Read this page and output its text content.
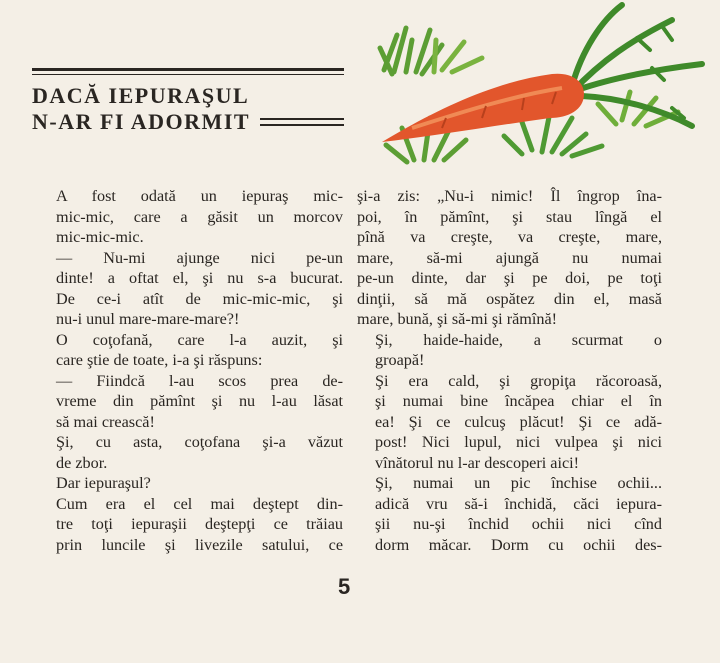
DACĂ IEPURAŞUL
N-AR FI ADORMIT

A fost odată un iepuraş mic-
mic-mic, care a găsit un morcov
mic-mic-mic.

— Nu-mi ajunge nici pe-un
dinte! a oftat el, şi nu s-a bucurat.
De ce-i atît de mic-mic-mic, şi
nu-i unul mare-mare-mare?!

O coţofană, care l-a auzit, şi
care ştie de toate, i-a şi răspuns:

— Fiindcă l-au scos prea de-
vreme din pămînt şi nu l-au lăsat
să mai crească!

Şi, cu asta, coţofana şi-a văzut
de zbor.

Dar iepuraşul?

Cum era el cel mai deştept din-
tre toţi iepuraşii deştepţi ce trăiau
prin luncile şi livezile satului, ce

şi-a zis: „Nu-i nimic! Îl îngrop îna-
poi, în pămînt, şi stau lîngă el
pînă va creşte, va creşte, mare,
mare, să-mi ajungă nu numai
pe-un dinte, dar şi pe doi, pe toţi
dinţii, să mă ospătez din el, masă
mare, bună, şi să-mi şi rămînă!

Şi, haide-haide, a scurmat o
groapă!

Şi era cald, şi gropiţa răcoroasă,
şi numai bine încăpea chiar el în
ea! Şi ce culcuş plăcut! Şi ce adă-
post! Nici lupul, nici vulpea şi nici
vînătorul nu l-ar descoperi aici!

Şi, numai un pic închise ochii...
adică vru să-i închidă, căci iepura-
şii nu-şi închid ochii nici cînd
dorm măcar. Dorm cu ochii des-

5
